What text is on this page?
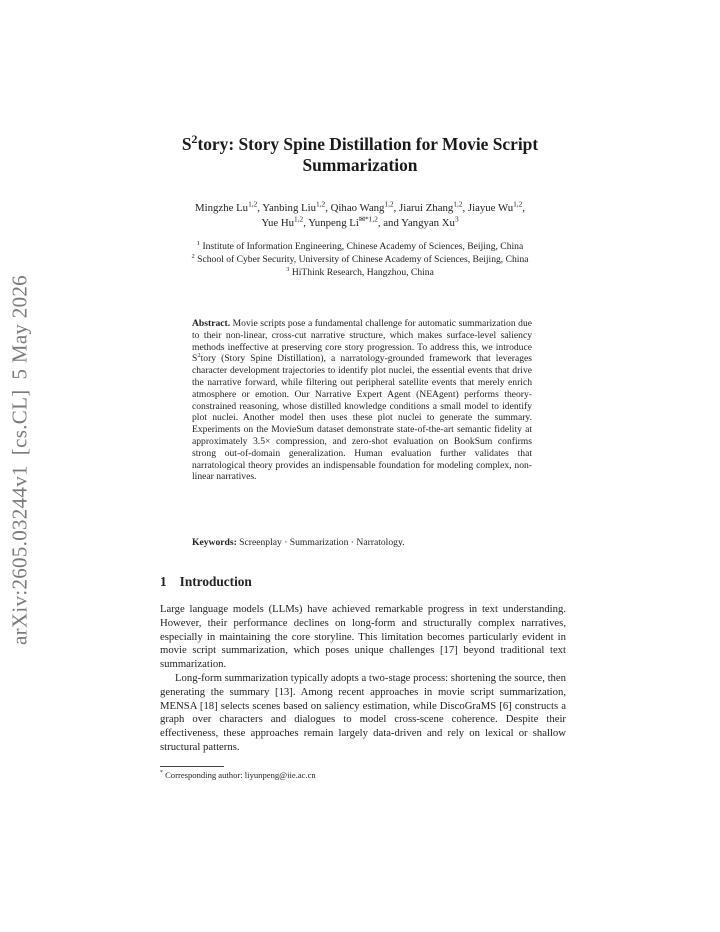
arXiv:2605.03244v1[cs.CL]5 May 2026
$S^2tory$: Story Spine Distillation for Movie Script Summarization
Mingzhe Lu$^{1,2}$, Yanbing Liu$^{1,2}$, Qihao Wang$^{1,2}$, Jiarui Zhang$^{1,2}$, Jiayue Wu$^{1,2}$,
Yue Hu$^{1,2}$, Yunpeng $Li^{✉*1,2}$, and Yangyan Xu$^3$
$^1$ Institute of Information Engineering, Chinese Academy of Sciences, Beijing, China
$^2$ School of Cyber Security, University of Chinese Academy of Sciences, Beijing, China
$^3$ HiThink Research, Hangzhou, China
Abstract. Movie scripts pose a fundamental challenge for automatic summarization due to their non-linear, cross-cut narrative structure, which makes surface-level saliency methods ineffective at preserving core story progression. To address this, we introduce $S^2tory$ (Story Spine Distillation), a narratology-grounded framework that leverages character development trajectories to identify plot nuclei, the essential events that drive the narrative forward, while filtering out peripheral satellite events that merely enrich atmosphere or emotion. Our Narrative Expert Agent (NEAgent) performs theory-constrained reasoning, whose distilled knowledge conditions a small model to identify plot nuclei. Another model then uses these plot nuclei to generate the summary. Experiments on the MovieSum dataset demonstrate state-of-the-art semantic fidelity at approximately 3.5× compression, and zero-shot evaluation on BookSum confirms strong out-of-domain generalization. Human evaluation further validates that narratological theory provides an indispensable foundation for modeling complex, non-linear narratives.
Keywords: Screenplay · Summarization · Narratology.
1 Introduction

Large language models (LLMs) have achieved remarkable progress in text understanding. However, their performance declines on long-form and structurally complex narratives, especially in maintaining the core storyline. This limitation becomes particularly evident in movie script summarization, which poses unique challenges [17] beyond traditional text summarization.

Long-form summarization typically adopts a two-stage process: shortening the source, then generating the summary [13]. Among recent approaches in movie script summarization, MENSA [18] selects scenes based on saliency estimation, while DiscoGraMS [6] constructs a graph over characters and dialogues to model cross-scene coherence. Despite their effectiveness, these approaches remain largely data-driven and rely on lexical or shallow structural patterns.

* Corresponding author: liyunpeng@iie.ac.cn
